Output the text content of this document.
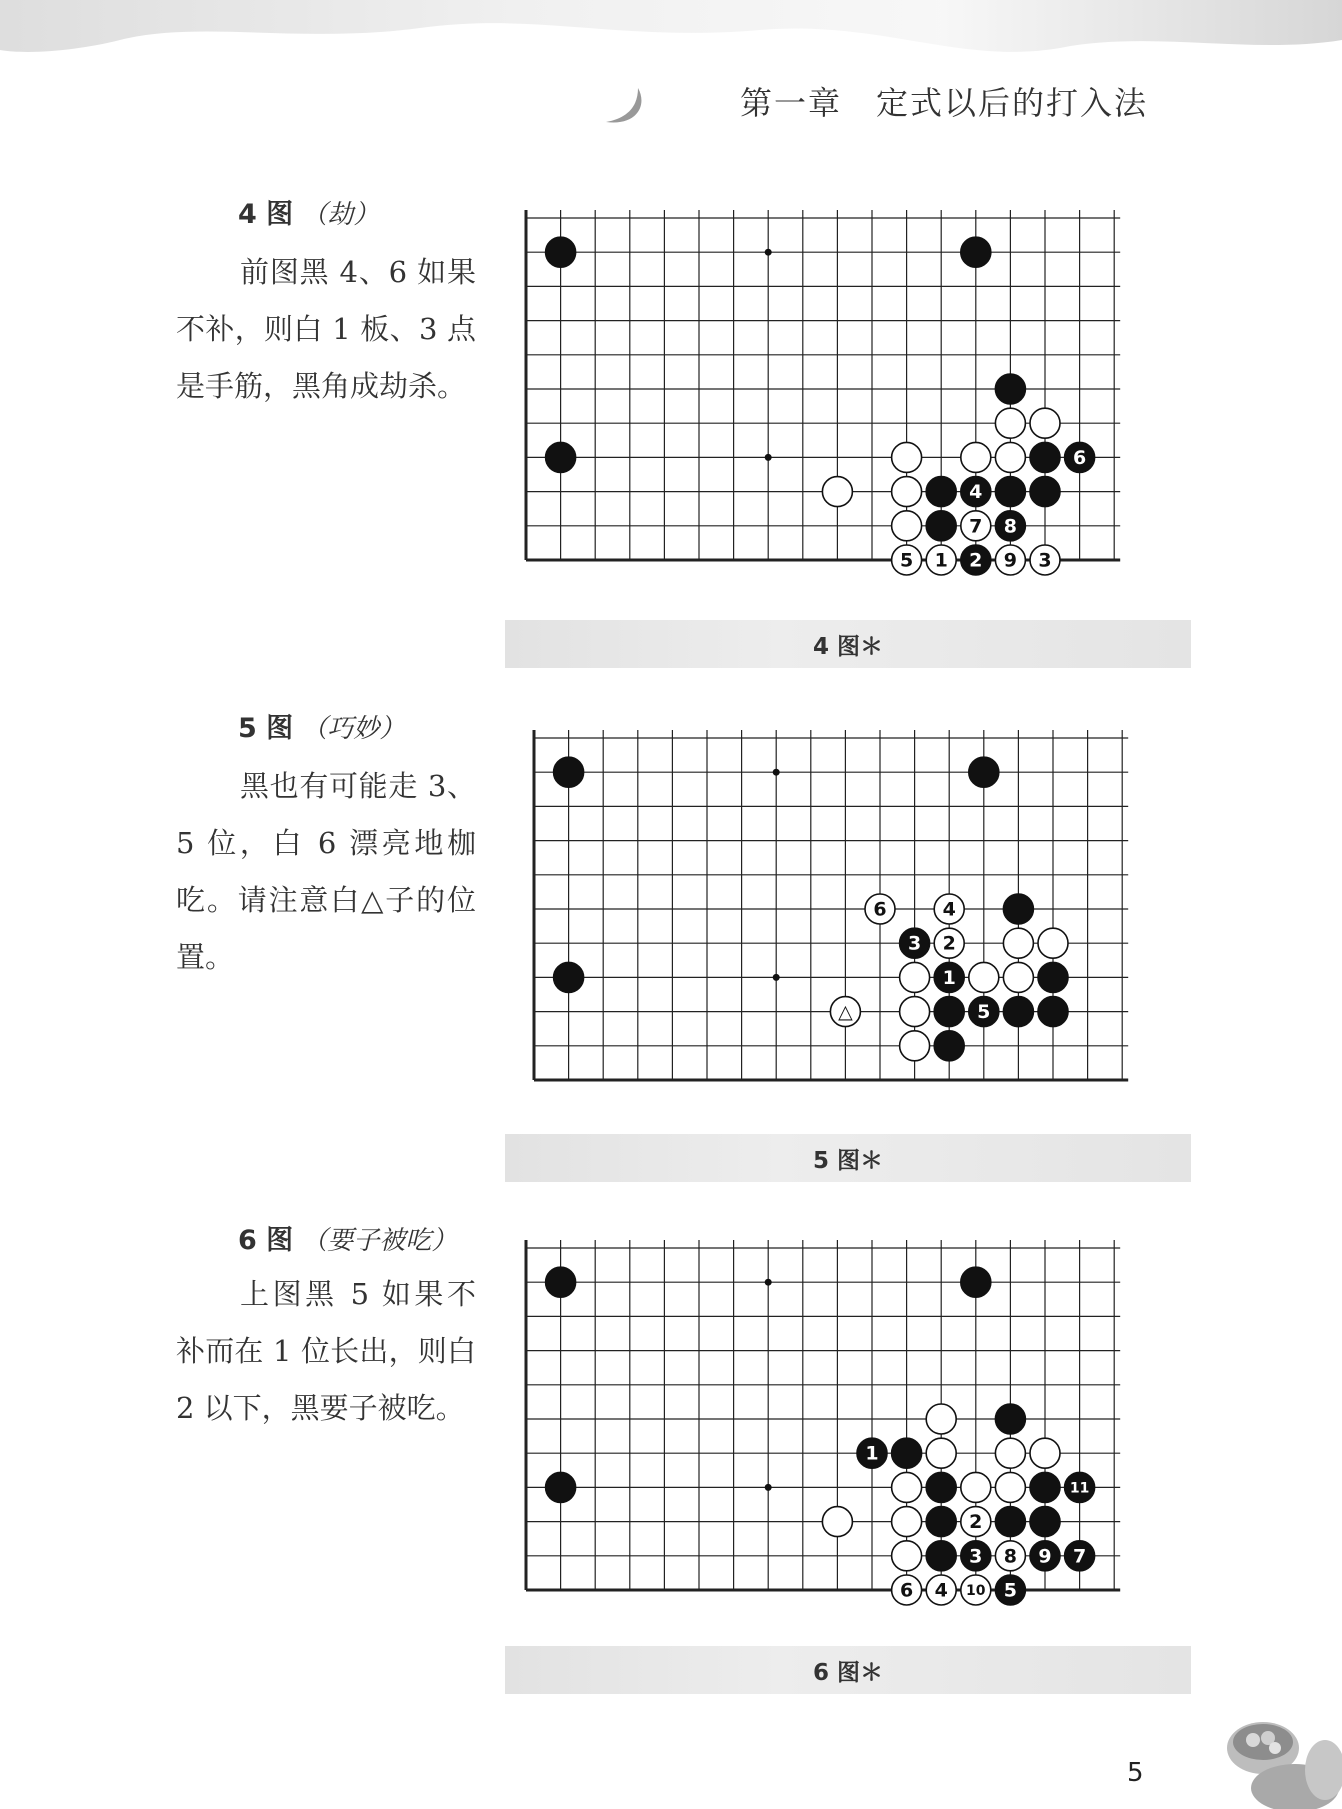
第一章　定式以后的打入法
4 图 （劫）

前图黑 4、6 如果不补，则白 1 板、3 点是手筋，黑角成劫杀。

6
4
7 8
5 1 2 9 3
4 图＊
5 图 （巧妙）

黑也有可能走 3、5 位，白 6 漂亮地枷吃。请注意白△子的位置。

△
6	4
3 2
1
5
5 图＊
6 图 （要子被吃）

上图黑 5 如果不补而在 1 位长出，则白 2 以下，黑要子被吃。

1
11
2
3 8 9 7
6 4 10 5
6 图＊
5
